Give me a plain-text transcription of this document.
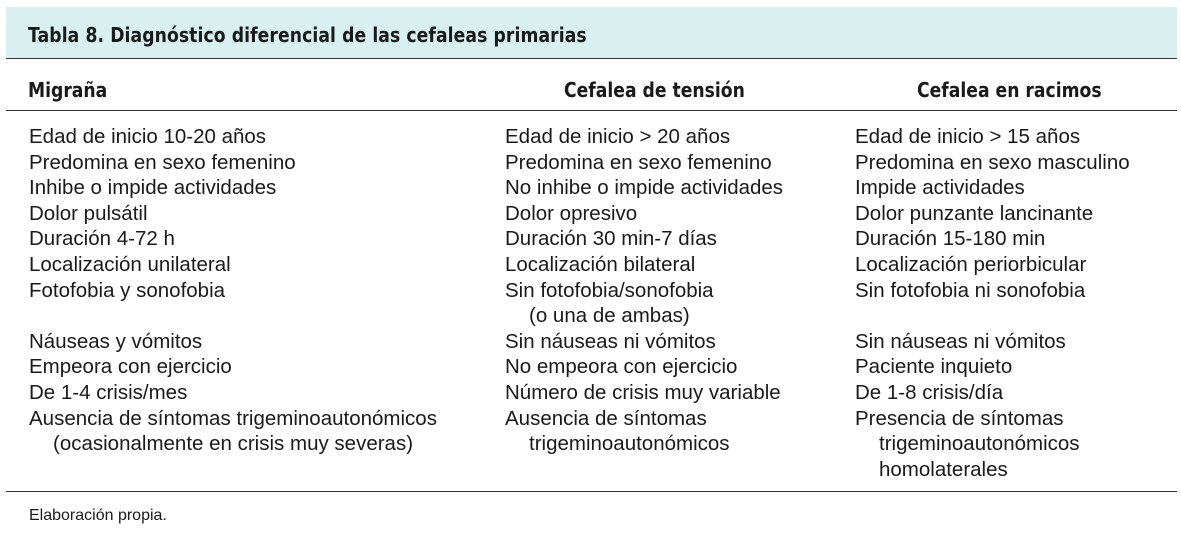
Tabla 8. Diagnóstico diferencial de las cefaleas primarias
Migraña	Cefalea de tensión	Cefalea en racimos
Edad de inicio 10-20 años
Predomina en sexo femenino
Inhibe o impide actividades
Dolor pulsátil
Duración 4-72 h
Localización unilateral
Fotofobia y sonofobia
Náuseas y vómitos
Empeora con ejercicio
De 1-4 crisis/mes
Ausencia de síntomas trigeminoautonómicos
(ocasionalmente en crisis muy severas)
Edad de inicio > 20 años
Predomina en sexo femenino
No inhibe o impide actividades
Dolor opresivo
Duración 30 min-7 días
Localización bilateral
Sin fotofobia/sonofobia
(o una de ambas)
Sin náuseas ni vómitos
No empeora con ejercicio
Número de crisis muy variable
Ausencia de síntomas
trigeminoautonómicos
Edad de inicio > 15 años
Predomina en sexo masculino
Impide actividades
Dolor punzante lancinante
Duración 15-180 min
Localización periorbicular
Sin fotofobia ni sonofobia
Sin náuseas ni vómitos
Paciente inquieto
De 1-8 crisis/día
Presencia de síntomas
trigeminoautonómicos
homolaterales
Elaboración propia.
